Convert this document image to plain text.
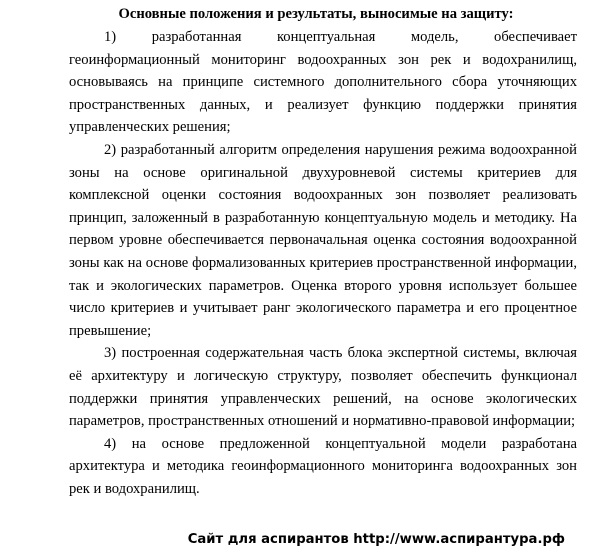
Основные положения и результаты, выносимые на защиту:

1) разработанная концептуальная модель, обеспечивает геоинформационный мониторинг водоохранных зон рек и водохранилищ, основываясь на принципе системного дополнительного сбора уточняющих пространственных данных, и реализует функцию поддержки принятия управленческих решения;

2) разработанный алгоритм определения нарушения режима водоохранной зоны на основе оригинальной двухуровневой системы критериев для комплексной оценки состояния водоохранных зон позволяет реализовать принцип, заложенный в разработанную концептуальную модель и методику. На первом уровне обеспечивается первоначальная оценка состояния водоохранной зоны как на основе формализованных критериев пространственной информации, так и экологических параметров. Оценка второго уровня использует большее число критериев и учитывает ранг экологического параметра и его процентное превышение;

3) построенная содержательная часть блока экспертной системы, включая её архитектуру и логическую структуру, позволяет обеспечить функционал поддержки принятия управленческих решений, на основе экологических параметров, пространственных отношений и нормативно-правовой информации;

4) на основе предложенной концептуальной модели разработана архитектура и методика геоинформационного мониторинга водоохранных зон рек и водохранилищ.

Сайт для аспирантов http://www.аспирантура.рф
